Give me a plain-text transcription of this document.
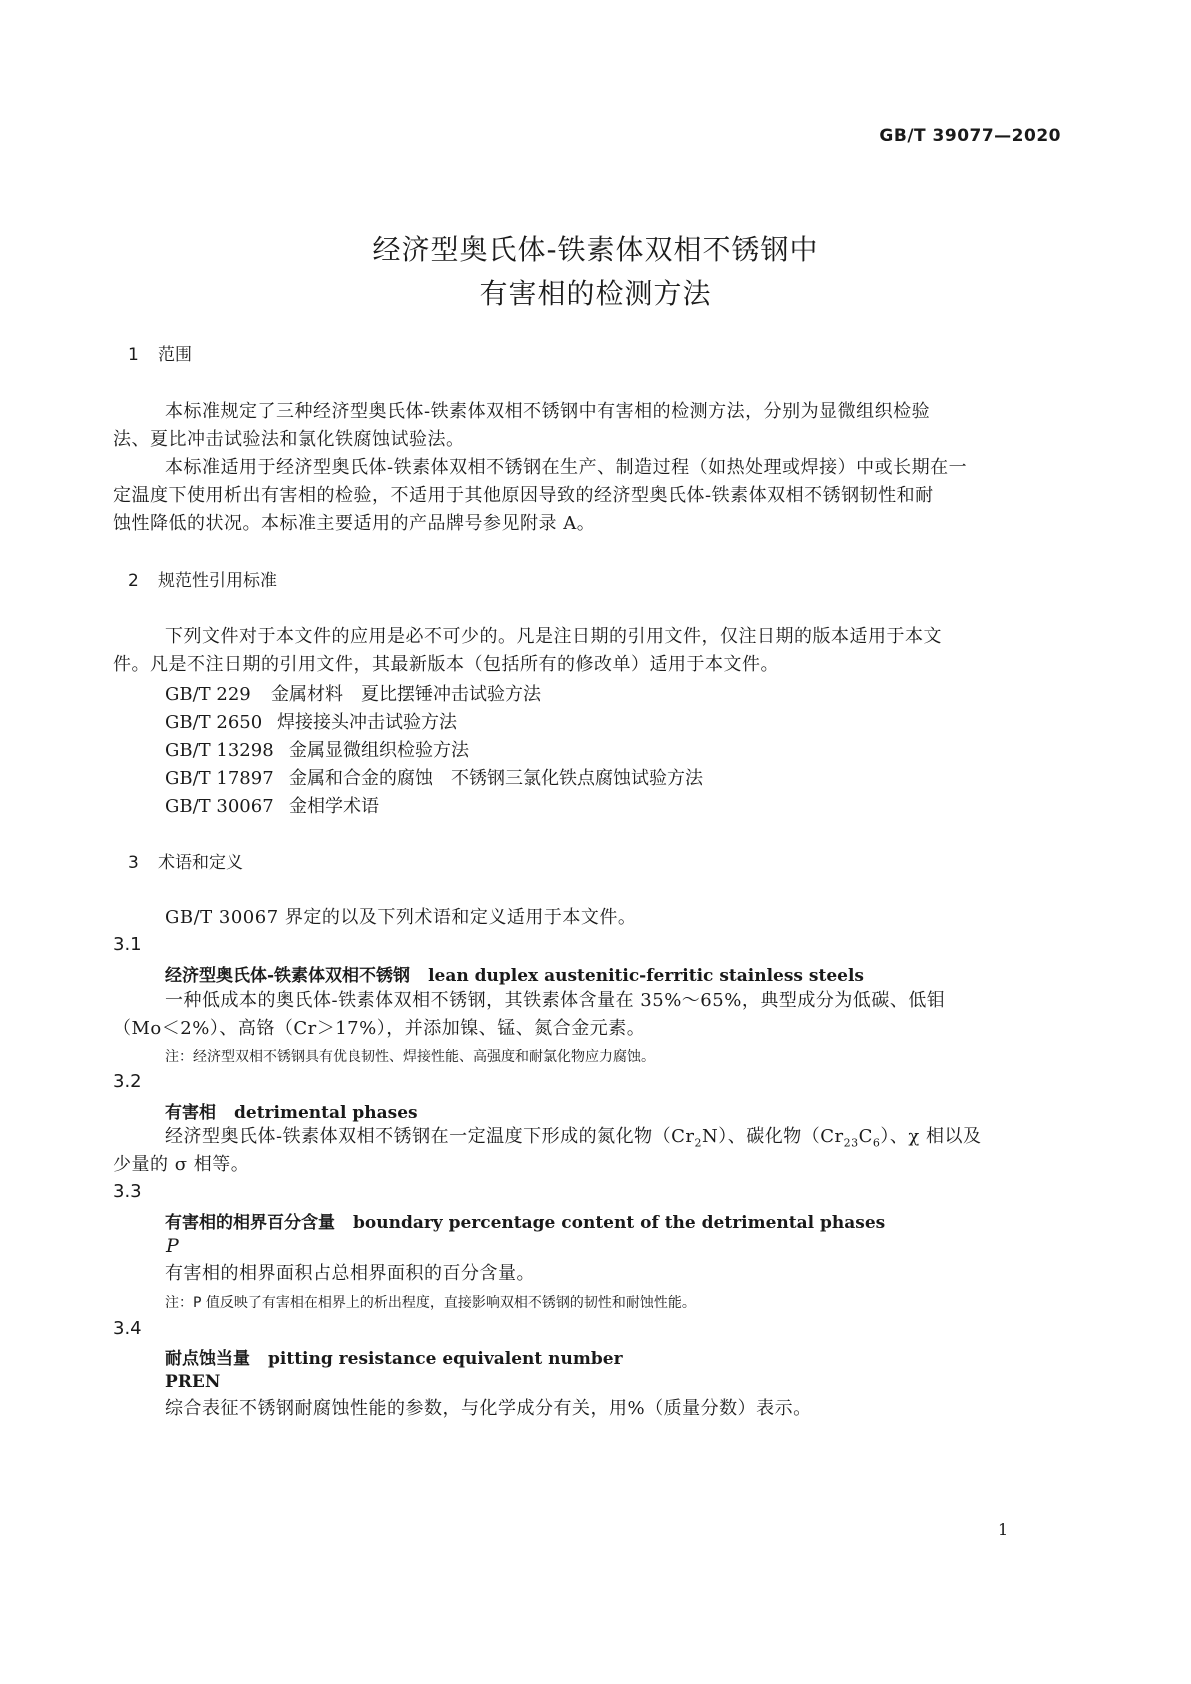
GB/T 39077—2020
经济型奥氏体-铁素体双相不锈钢中
有害相的检测方法
1 范围
本标准规定了三种经济型奥氏体-铁素体双相不锈钢中有害相的检测方法，分别为显微组织检验
法、夏比冲击试验法和氯化铁腐蚀试验法。
本标准适用于经济型奥氏体-铁素体双相不锈钢在生产、制造过程（如热处理或焊接）中或长期在一
定温度下使用析出有害相的检验，不适用于其他原因导致的经济型奥氏体-铁素体双相不锈钢韧性和耐
蚀性降低的状况。本标准主要适用的产品牌号参见附录 A。
2 规范性引用标准
下列文件对于本文件的应用是必不可少的。凡是注日期的引用文件，仅注日期的版本适用于本文
件。凡是不注日期的引用文件，其最新版本（包括所有的修改单）适用于本文件。
GB/T 229 金属材料　夏比摆锤冲击试验方法
GB/T 2650 焊接接头冲击试验方法
GB/T 13298 金属显微组织检验方法
GB/T 17897 金属和合金的腐蚀　不锈钢三氯化铁点腐蚀试验方法
GB/T 30067 金相学术语
3 术语和定义
GB/T 30067 界定的以及下列术语和定义适用于本文件。
3.1
经济型奥氏体-铁素体双相不锈钢 lean duplex austenitic-ferritic stainless steels
一种低成本的奥氏体-铁素体双相不锈钢，其铁素体含量在 35%～65%，典型成分为低碳、低钼
（Mo＜2%）、高铬（Cr＞17%），并添加镍、锰、氮合金元素。
注：经济型双相不锈钢具有优良韧性、焊接性能、高强度和耐氯化物应力腐蚀。
3.2
有害相 detrimental phases
经济型奥氏体-铁素体双相不锈钢在一定温度下形成的氮化物$(Cr_2N)$、碳化物$(Cr_{23}C_6)$、χ 相以及
少量的 σ 相等。
3.3
有害相的相界百分含量 boundary percentage content of the detrimental phases
P
有害相的相界面积占总相界面积的百分含量。
注：P 值反映了有害相在相界上的析出程度，直接影响双相不锈钢的韧性和耐蚀性能。
3.4
耐点蚀当量 pitting resistance equivalent number
PREN
综合表征不锈钢耐腐蚀性能的参数，与化学成分有关，用%（质量分数）表示。
1
